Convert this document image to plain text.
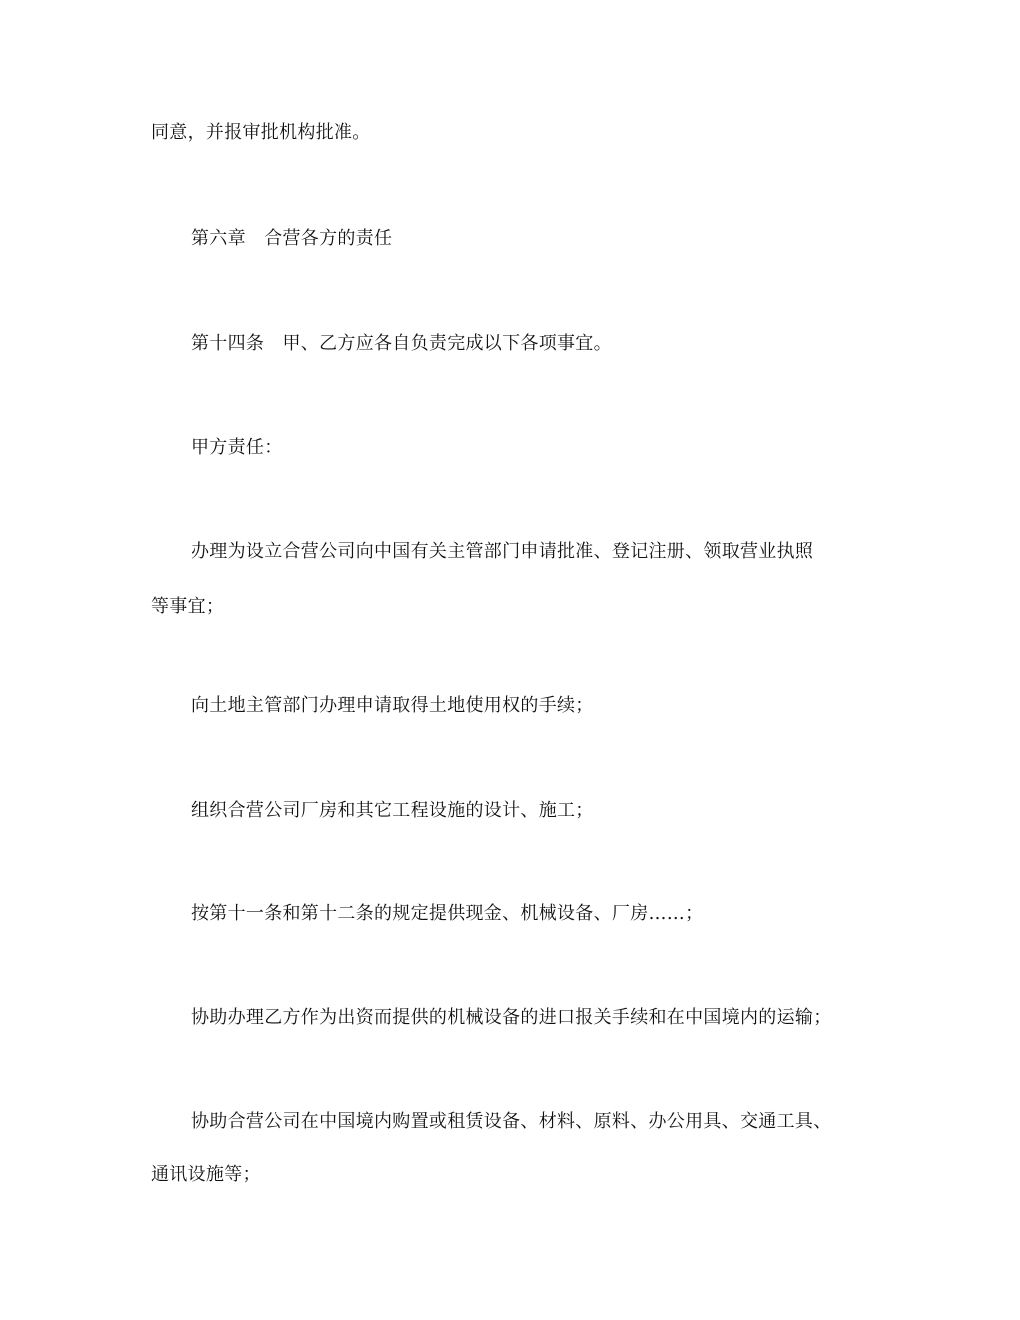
同意，并报审批机构批准。
第六章　合营各方的责任
第十四条　甲、乙方应各自负责完成以下各项事宜。
甲方责任：
办理为设立合营公司向中国有关主管部门申请批准、登记注册、领取营业执照
等事宜；
向土地主管部门办理申请取得土地使用权的手续；
组织合营公司厂房和其它工程设施的设计、施工；
按第十一条和第十二条的规定提供现金、机械设备、厂房……；
协助办理乙方作为出资而提供的机械设备的进口报关手续和在中国境内的运输；
协助合营公司在中国境内购置或租赁设备、材料、原料、办公用具、交通工具、
通讯设施等；
